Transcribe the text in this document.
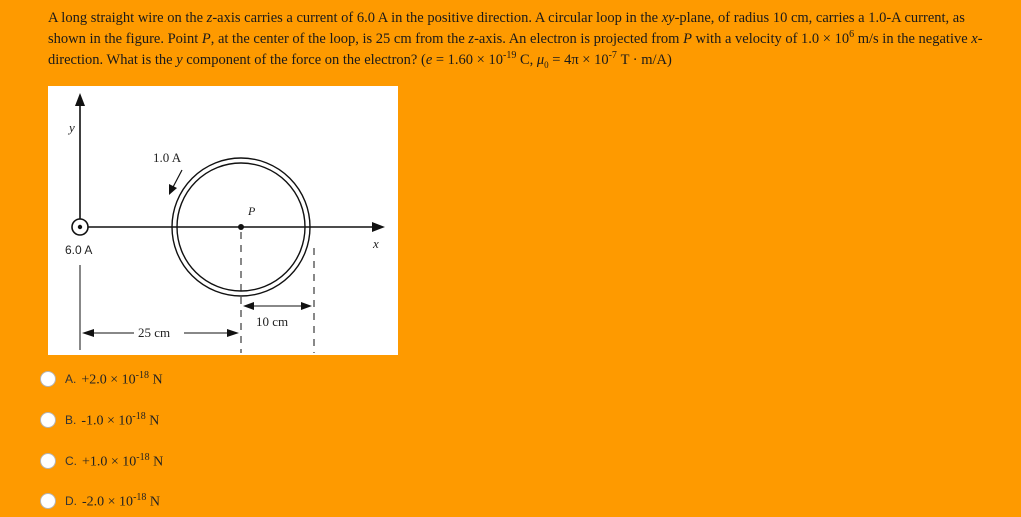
A long straight wire on the z-axis carries a current of 6.0 A in the positive direction. A circular loop in the xy-plane, of radius 10 cm, carries a 1.0-A current, as shown in the figure. Point P, at the center of the loop, is 25 cm from the z-axis. An electron is projected from P with a velocity of $1.0 \times 10^6$ m/s in the negative x-direction. What is the y component of the force on the electron? ($e = 1.60 \times 10^{-19}$ C, $\mu_0 = 4\pi \times 10^{-7}$ T · m/A)
y
x
6.0 A
1.0 A
P
25 cm
10 cm
A. $+2.0 \times 10^{-18}$ N
B. $-1.0 \times 10^{-18}$ N
C. $+1.0 \times 10^{-18}$ N
D. $-2.0 \times 10^{-18}$ N
